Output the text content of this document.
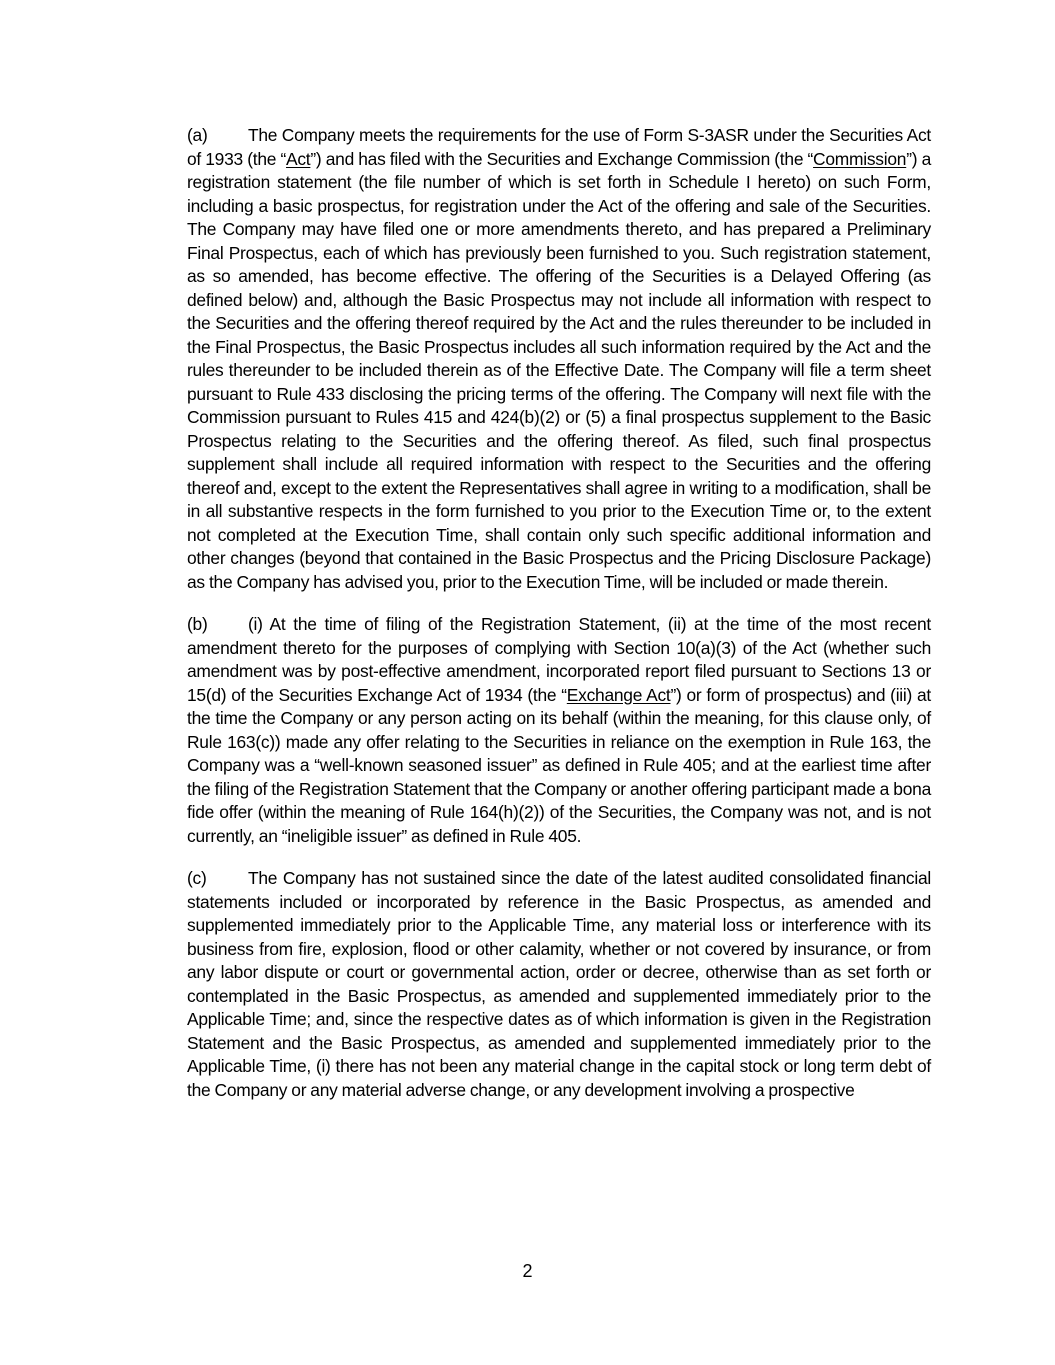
(a) The Company meets the requirements for the use of Form S-3ASR under the Securities Act of 1933 (the “Act”) and has filed with the Securities and Exchange Commission (the “Commission”) a registration statement (the file number of which is set forth in Schedule I hereto) on such Form, including a basic prospectus, for registration under the Act of the offering and sale of the Securities. The Company may have filed one or more amendments thereto, and has prepared a Preliminary Final Prospectus, each of which has previously been furnished to you. Such registration statement, as so amended, has become effective. The offering of the Securities is a Delayed Offering (as defined below) and, although the Basic Prospectus may not include all information with respect to the Securities and the offering thereof required by the Act and the rules thereunder to be included in the Final Prospectus, the Basic Prospectus includes all such information required by the Act and the rules thereunder to be included therein as of the Effective Date. The Company will file a term sheet pursuant to Rule 433 disclosing the pricing terms of the offering. The Company will next file with the Commission pursuant to Rules 415 and 424(b)(2) or (5) a final prospectus supplement to the Basic Prospectus relating to the Securities and the offering thereof. As filed, such final prospectus supplement shall include all required information with respect to the Securities and the offering thereof and, except to the extent the Representatives shall agree in writing to a modification, shall be in all substantive respects in the form furnished to you prior to the Execution Time or, to the extent not completed at the Execution Time, shall contain only such specific additional information and other changes (beyond that contained in the Basic Prospectus and the Pricing Disclosure Package) as the Company has advised you, prior to the Execution Time, will be included or made therein.

(b) (i) At the time of filing of the Registration Statement, (ii) at the time of the most recent amendment thereto for the purposes of complying with Section 10(a)(3) of the Act (whether such amendment was by post-effective amendment, incorporated report filed pursuant to Sections 13 or 15(d) of the Securities Exchange Act of 1934 (the “Exchange Act”) or form of prospectus) and (iii) at the time the Company or any person acting on its behalf (within the meaning, for this clause only, of Rule 163(c)) made any offer relating to the Securities in reliance on the exemption in Rule 163, the Company was a “well-known seasoned issuer” as defined in Rule 405; and at the earliest time after the filing of the Registration Statement that the Company or another offering participant made a bona fide offer (within the meaning of Rule 164(h)(2)) of the Securities, the Company was not, and is not currently, an “ineligible issuer” as defined in Rule 405.

(c) The Company has not sustained since the date of the latest audited consolidated financial statements included or incorporated by reference in the Basic Prospectus, as amended and supplemented immediately prior to the Applicable Time, any material loss or interference with its business from fire, explosion, flood or other calamity, whether or not covered by insurance, or from any labor dispute or court or governmental action, order or decree, otherwise than as set forth or contemplated in the Basic Prospectus, as amended and supplemented immediately prior to the Applicable Time; and, since the respective dates as of which information is given in the Registration Statement and the Basic Prospectus, as amended and supplemented immediately prior to the Applicable Time, (i) there has not been any material change in the capital stock or long term debt of the Company or any material adverse change, or any development involving a prospective

2
